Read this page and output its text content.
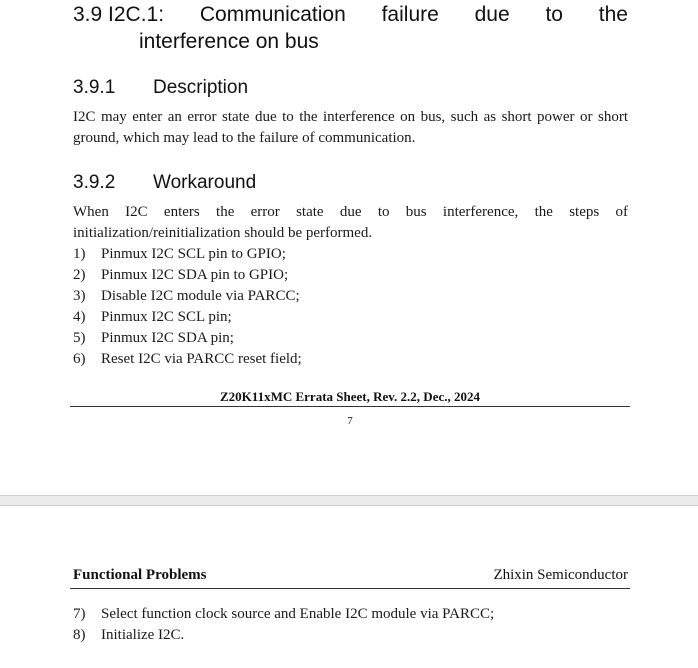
3.9 I2C.1: Communication failure due to the
interference on bus
3.9.1 Description
I2C may enter an error state due to the interference on bus, such as short power or short ground, which may lead to the failure of communication.
3.9.2 Workaround
When I2C enters the error state due to bus interference, the steps of
initialization/reinitialization should be performed.
1) Pinmux I2C SCL pin to GPIO;
2) Pinmux I2C SDA pin to GPIO;
3) Disable I2C module via PARCC;
4) Pinmux I2C SCL pin;
5) Pinmux I2C SDA pin;
6) Reset I2C via PARCC reset field;
Z20K11xMC Errata Sheet, Rev. 2.2, Dec., 2024
7
Functional Problems	Zhixin Semiconductor
7) Select function clock source and Enable I2C module via PARCC;
8) Initialize I2C.
